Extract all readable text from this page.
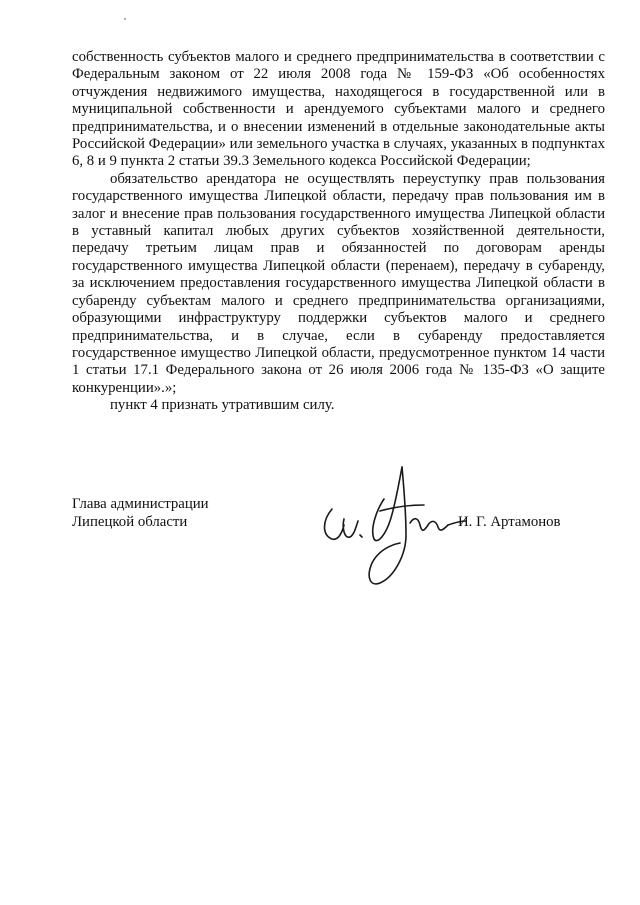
собственность субъектов малого и среднего предпринимательства в соответствии с Федеральным законом от 22 июля 2008 года № 159-ФЗ «Об особенностях отчуждения недвижимого имущества, находящегося в государственной или в муниципальной собственности и арендуемого субъектами малого и среднего предпринимательства, и о внесении изменений в отдельные законодательные акты Российской Федерации» или земельного участка в случаях, указанных в подпунктах 6, 8 и 9 пункта 2 статьи 39.3 Земельного кодекса Российской Федерации;

обязательство арендатора не осуществлять переуступку прав пользования государственного имущества Липецкой области, передачу прав пользования им в залог и внесение прав пользования государственного имущества Липецкой области в уставный капитал любых других субъектов хозяйственной деятельности, передачу третьим лицам прав и обязанностей по договорам аренды государственного имущества Липецкой области (перенаем), передачу в субаренду, за исключением предоставления государственного имущества Липецкой области в субаренду субъектам малого и среднего предпринимательства организациями, образующими инфраструктуру поддержки субъектов малого и среднего предпринимательства, и в случае, если в субаренду предоставляется государственное имущество Липецкой области, предусмотренное пунктом 14 части 1 статьи 17.1 Федерального закона от 26 июля 2006 года № 135-ФЗ «О защите конкуренции».»;

пункт 4 признать утратившим силу.

Глава администрации
Липецкой области	И. Г. Артамонов
